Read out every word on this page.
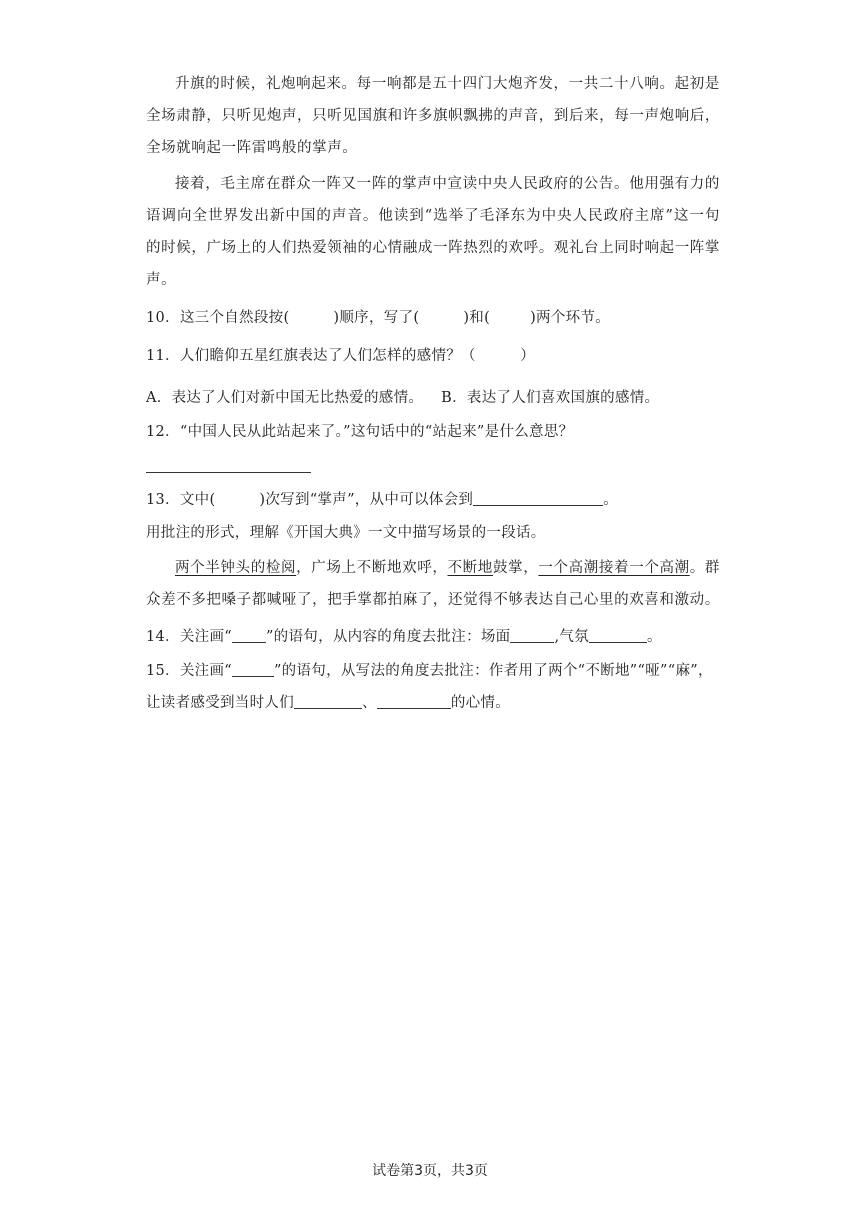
升旗的时候，礼炮响起来。每一响都是五十四门大炮齐发，一共二十八响。起初是全场肃静，只听见炮声，只听见国旗和许多旗帜飘拂的声音，到后来，每一声炮响后，全场就响起一阵雷鸣般的掌声。
接着，毛主席在群众一阵又一阵的掌声中宣读中央人民政府的公告。他用强有力的语调向全世界发出新中国的声音。他读到“选举了毛泽东为中央人民政府主席”这一句的时候，广场上的人们热爱领袖的心情融成一阵热烈的欢呼。观礼台上同时响起一阵掌声。
10．这三个自然段按(	)顺序，写了(	)和(	)两个环节。
11．人们瞻仰五星红旗表达了人们怎样的感情？（　　　）
A．表达了人们对新中国无比热爱的感情。 B．表达了人们喜欢国旗的感情。
12．“中国人民从此站起来了。”这句话中的“站起来”是什么意思？
13．文中(	)次写到“掌声”，从中可以体会到	。
用批注的形式，理解《开国大典》一文中描写场景的一段话。
两个半钟头的检阅，广场上不断地欢呼，不断地鼓掌，一个高潮接着一个高潮。群众差不多把嗓子都喊哑了，把手掌都拍麻了，还觉得不够表达自己心里的欢喜和激动。
14．关注画“ ”的语句，从内容的角度去批注：场面	,气氛	。
15．关注画“	”的语句，从写法的角度去批注：作者用了两个“不断地”“哑”“麻”，
让读者感受到当时人们	、	的心情。
试卷第3页，共3页
